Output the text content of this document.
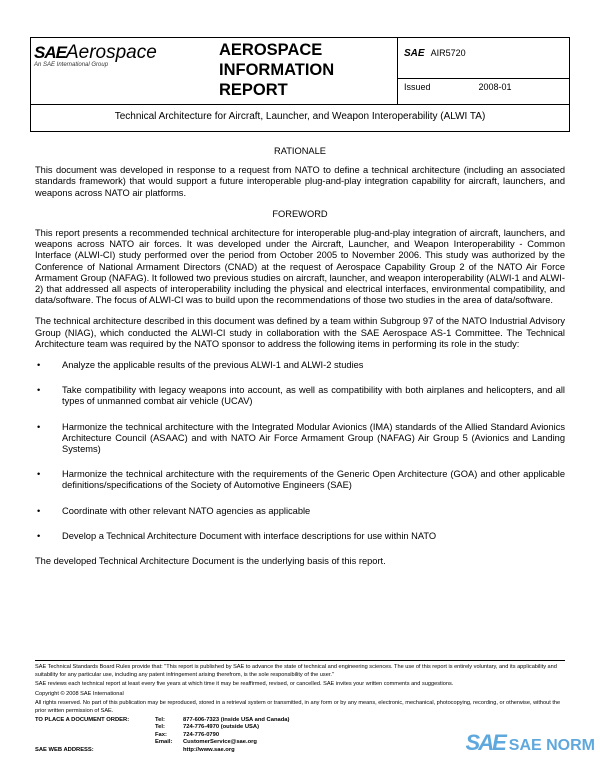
SAEAerospace
An SAE International Group
AEROSPACE
INFORMATION
REPORT
SAE AIR5720
Issued	2008-01
Technical Architecture for Aircraft, Launcher, and Weapon Interoperability (ALWI TA)
RATIONALE

This document was developed in response to a request from NATO to define a technical architecture (including an associated standards framework) that would support a future interoperable plug-and-play integration capability for aircraft, launchers, and weapons across NATO air platforms.

FOREWORD

This report presents a recommended technical architecture for interoperable plug-and-play integration of aircraft, launchers, and weapons across NATO air forces. It was developed under the Aircraft, Launcher, and Weapon Interoperability - Common Interface (ALWI-CI) study performed over the period from October 2005 to November 2006. This study was authorized by the Conference of National Armament Directors (CNAD) at the request of Aerospace Capability Group 2 of the NATO Air Force Armament Group (NAFAG). It followed two previous studies on aircraft, launcher, and weapon interoperability (ALWI-1 and ALWI-2) that addressed all aspects of interoperability including the physical and electrical interfaces, environmental compatibility, and data/software. The focus of ALWI-CI was to build upon the recommendations of those two studies in the area of data/software.

The technical architecture described in this document was defined by a team within Subgroup 97 of the NATO Industrial Advisory Group (NIAG), which conducted the ALWI-CI study in collaboration with the SAE Aerospace AS-1 Committee. The Technical Architecture team was required by the NATO sponsor to address the following items in performing its role in the study:

• Analyze the applicable results of the previous ALWI-1 and ALWI-2 studies
• Take compatibility with legacy weapons into account, as well as compatibility with both airplanes and helicopters, and all types of unmanned combat air vehicle (UCAV)
• Harmonize the technical architecture with the Integrated Modular Avionics (IMA) standards of the Allied Standard Avionics Architecture Council (ASAAC) and with NATO Air Force Armament Group (NAFAG) Air Group 5 (Avionics and Landing Systems)
• Harmonize the technical architecture with the requirements of the Generic Open Architecture (GOA) and other applicable definitions/specifications of the Society of Automotive Engineers (SAE)
• Coordinate with other relevant NATO agencies as applicable
• Develop a Technical Architecture Document with interface descriptions for use within NATO

The developed Technical Architecture Document is the underlying basis of this report.

SAE Technical Standards Board Rules provide that: "This report is published by SAE to advance the state of technical and engineering sciences. The use of this report is entirely voluntary, and its applicability and suitability for any particular use, including any patent infringement arising therefrom, is the sole responsibility of the user."

SAE reviews each technical report at least every five years at which time it may be reaffirmed, revised, or cancelled. SAE invites your written comments and suggestions.

Copyright © 2008 SAE International

All rights reserved. No part of this publication may be reproduced, stored in a retrieval system or transmitted, in any form or by any means, electronic, mechanical, photocopying, recording, or otherwise, without the prior written permission of SAE.

TO PLACE A DOCUMENT ORDER:	Tel:	877-606-7323 (inside USA and Canada)
Tel:	724-776-4970 (outside USA)
Fax:	724-776-0790
Email:	CustomerService@sae.org
SAE WEB ADDRESS:	http://www.sae.org	SAE SAE NORM
